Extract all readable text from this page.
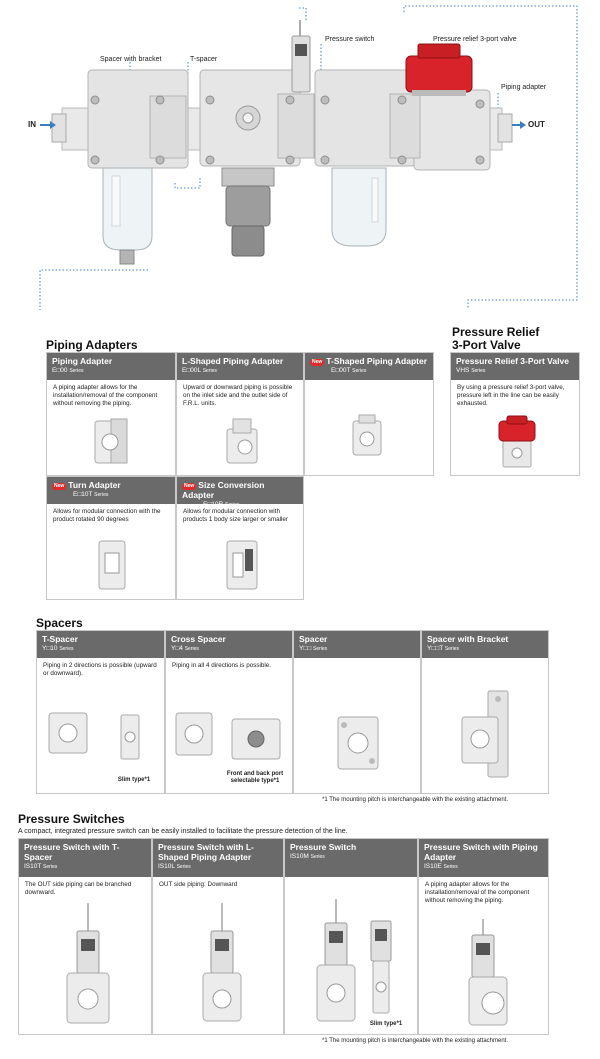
Spacer with bracket	T-spacer
Pressure switch	Pressure relief 3-port valve
Piping adapter
IN	OUT
Piping Adapters
Piping Adapter
E□00 Series
A piping adapter allows for the installation/removal of the component without removing the piping.
L-Shaped Piping Adapter
E□00L Series
Upward or downward piping is possible on the inlet side and the outlet side of F.R.L. units.
New T-Shaped Piping Adapter
E□00T Series
New Turn Adapter
E□10T Series
Allows for modular connection with the product rotated 90 degrees
New Size Conversion Adapter
E□10R Series
Allows for modular connection with products 1 body size larger or smaller
Pressure Relief
3-Port Valve
Pressure Relief 3-Port Valve
VHS Series
By using a pressure relief 3-port valve, pressure left in the line can be easily exhausted.
Spacers
T-Spacer
Y□10 Series
Piping in 2 directions is possible (upward or downward).
Slim type*1
Cross Spacer
Y□4 Series
Piping in all 4 directions is possible.
Front and back port selectable type*1
Spacer
Y□□ Series
Spacer with Bracket
Y□□T Series
*1 The mounting pitch is interchangeable with the existing attachment.
Pressure Switches
A compact, integrated pressure switch can be easily installed to facilitate the pressure detection of the line.
Pressure Switch with T-Spacer
IS10T Series
The OUT side piping can be branched downward.
Pressure Switch with L-Shaped Piping Adapter
IS10L Series
OUT side piping: Downward
Pressure Switch
IS10M Series
Slim type*1
Pressure Switch with Piping Adapter
IS10E Series
A piping adapter allows for the installation/removal of the component without removing the piping.
*1 The mounting pitch is interchangeable with the existing attachment.
